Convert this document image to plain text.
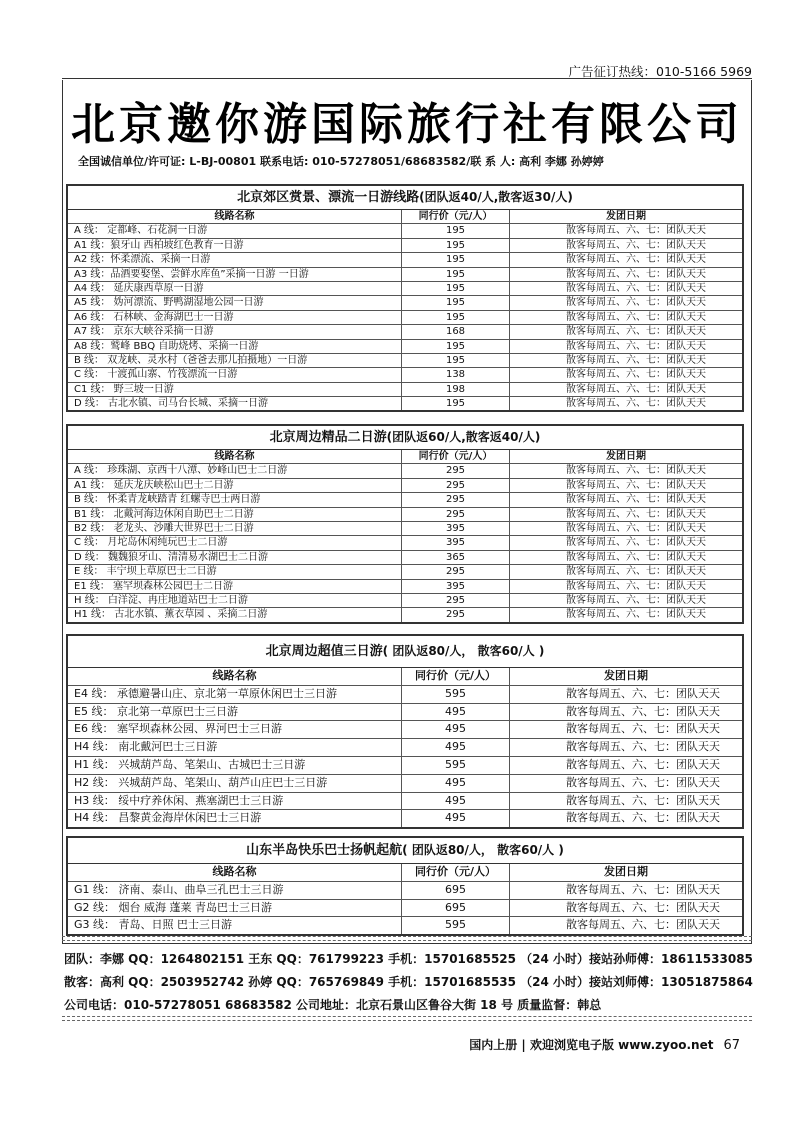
广告征订热线：010-5166 5969
北京邀你游国际旅行社有限公司
全国诚信单位/许可证: L-BJ-00801 联系电话: 010-57278051/68683582/联 系 人: 高利 李娜 孙婷婷
北京郊区赏景、漂流一日游线路(团队返40/人,散客返30/人)
线路名称	同行价（元/人）	发团日期
A 线： 定都峰、石花洞一日游	195	散客每周五、六、七：团队天天
A1 线：狼牙山 西柏坡红色教育一日游	195	散客每周五、六、七：团队天天
A2 线：怀柔漂流、采摘一日游	195	散客每周五、六、七：团队天天
A3 线：品酒要娶堡、尝鲜水库鱼”采摘一日游 一日游	195	散客每周五、六、七：团队天天
A4 线： 延庆康西草原一日游	195	散客每周五、六、七：团队天天
A5 线： 妫河漂流、野鸭湖湿地公园一日游	195	散客每周五、六、七：团队天天
A6 线： 石林峡、金海湖巴士一日游	195	散客每周五、六、七：团队天天
A7 线： 京东大峡谷采摘一日游	168	散客每周五、六、七：团队天天
A8 线：鹫峰 BBQ 自助烧烤、采摘一日游	195	散客每周五、六、七：团队天天
B 线： 双龙峡、灵水村（爸爸去那儿拍摄地）一日游	195	散客每周五、六、七：团队天天
C 线： 十渡孤山寨、竹筏漂流一日游	138	散客每周五、六、七：团队天天
C1 线： 野三坡一日游	198	散客每周五、六、七：团队天天
D 线： 古北水镇、司马台长城、采摘一日游	195	散客每周五、六、七：团队天天
北京周边精品二日游(团队返60/人,散客返40/人)
线路名称	同行价（元/人）	发团日期
A 线： 珍珠湖、京西十八潭、妙峰山巴士二日游	295	散客每周五、六、七：团队天天
A1 线： 延庆龙庆峡松山巴士二日游	295	散客每周五、六、七：团队天天
B 线： 怀柔青龙峡踏青 红螺寺巴士两日游	295	散客每周五、六、七：团队天天
B1 线： 北戴河海边休闲自助巴士二日游	295	散客每周五、六、七：团队天天
B2 线： 老龙头、沙雕大世界巴士二日游	395	散客每周五、六、七：团队天天
C 线： 月坨岛休闲纯玩巴士二日游	395	散客每周五、六、七：团队天天
D 线： 魏魏狼牙山、清清易水湖巴士二日游	365	散客每周五、六、七：团队天天
E 线： 丰宁坝上草原巴士二日游	295	散客每周五、六、七：团队天天
E1 线： 塞罕坝森林公园巴士二日游	395	散客每周五、六、七：团队天天
H 线： 白洋淀、冉庄地道站巴士二日游	295	散客每周五、六、七：团队天天
H1 线： 古北水镇、薰衣草园 、采摘二日游	295	散客每周五、六、七：团队天天
北京周边超值三日游( 团队返80/人， 散客60/人 )
线路名称	同行价（元/人）	发团日期
E4 线： 承德避暑山庄、京北第一草原休闲巴士三日游	595	散客每周五、六、七：团队天天
E5 线： 京北第一草原巴士三日游	495	散客每周五、六、七：团队天天
E6 线： 塞罕坝森林公园、界河巴士三日游	495	散客每周五、六、七：团队天天
H4 线： 南北戴河巴士三日游	495	散客每周五、六、七：团队天天
H1 线： 兴城葫芦岛、笔架山、古城巴士三日游	595	散客每周五、六、七：团队天天
H2 线： 兴城葫芦岛、笔架山、葫芦山庄巴士三日游	495	散客每周五、六、七：团队天天
H3 线： 绥中疗养休闲、燕塞湖巴士三日游	495	散客每周五、六、七：团队天天
H4 线： 昌黎黄金海岸休闲巴士三日游	495	散客每周五、六、七：团队天天
山东半岛快乐巴士扬帆起航( 团队返80/人， 散客60/人 )
线路名称	同行价（元/人）	发团日期
G1 线： 济南、泰山、曲阜三孔巴士三日游	695	散客每周五、六、七：团队天天
G2 线： 烟台 威海 蓬莱 青岛巴士三日游	695	散客每周五、六、七：团队天天
G3 线： 青岛、日照 巴士三日游	595	散客每周五、六、七：团队天天
团队：李娜 QQ：1264802151 王东 QQ：761799223 手机：15701685525 （24 小时）接站孙师傅：18611533085
散客：高利 QQ：2503952742 孙婷 QQ：765769849 手机：15701685535 （24 小时）接站刘师傅：13051875864
公司电话：010-57278051 68683582 公司地址：北京石景山区鲁谷大街 18 号 质量监督：韩总
国内上册 | 欢迎浏览电子版 www.zyoo.net 67
